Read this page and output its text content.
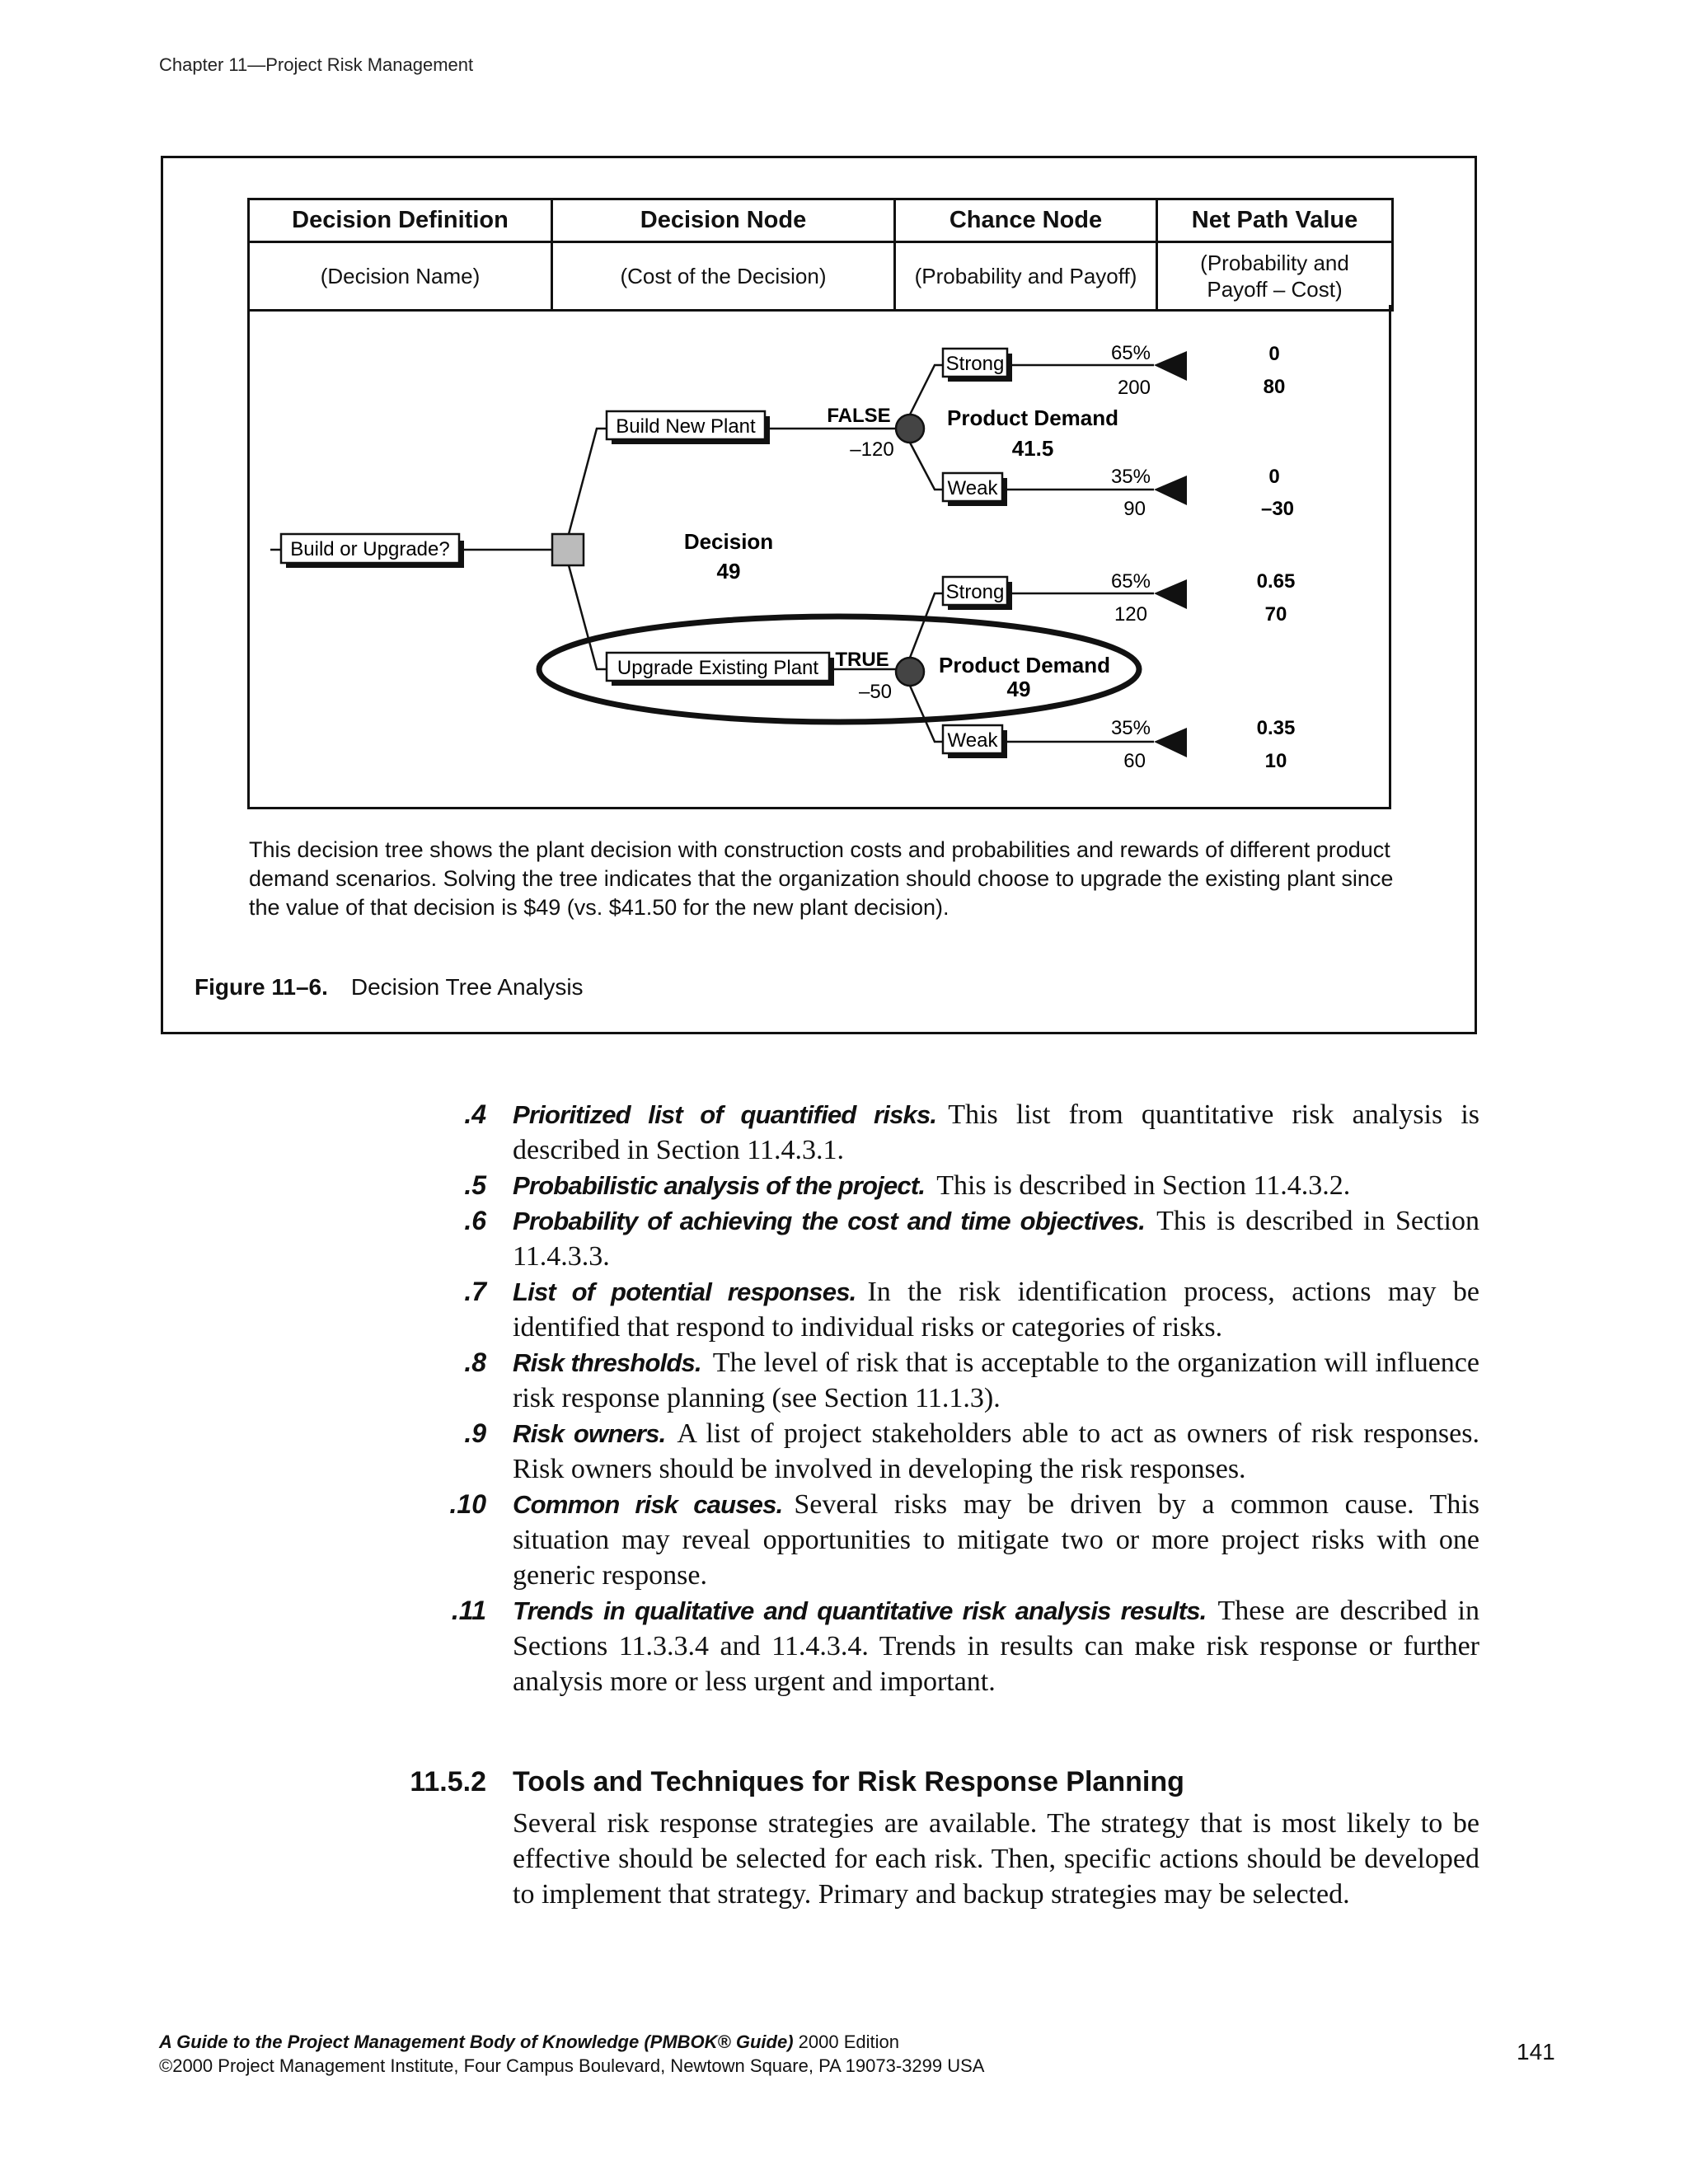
Chapter 11—Project Risk Management
Decision Definition	Decision Node	Chance Node	Net Path Value
(Decision Name)	(Cost of the Decision)	(Probability and Payoff)	(Probability and
Payoff – Cost)
Build or Upgrade?	Decision
49
Build New Plant	FALSE
–120
Product Demand
41.5
Strong	65%
200
0
80
Weak
35%
90
0
–30
Upgrade Existing Plant TRUE
–50
Product Demand
49
Strong	65%
120
0.65
70
Weak
35%
60
0.35
10
This decision tree shows the plant decision with construction costs and probabilities and rewards of different product demand scenarios. Solving the tree indicates that the organization should choose to upgrade the existing plant since the value of that decision is $49 (vs. $41.50 for the new plant decision).
Figure 11–6. Decision Tree Analysis
.4 Prioritized list of quantified risks. This list from quantitative risk analysis is described in Section 11.4.3.1.
.5 Probabilistic analysis of the project. This is described in Section 11.4.3.2.
.6 Probability of achieving the cost and time objectives. This is described in Section 11.4.3.3.
.7 List of potential responses. In the risk identification process, actions may be identified that respond to individual risks or categories of risks.
.8 Risk thresholds. The level of risk that is acceptable to the organization will influence risk response planning (see Section 11.1.3).
.9 Risk owners. A list of project stakeholders able to act as owners of risk responses. Risk owners should be involved in developing the risk responses.
.10 Common risk causes. Several risks may be driven by a common cause. This situation may reveal opportunities to mitigate two or more project risks with one generic response.
.11 Trends in qualitative and quantitative risk analysis results. These are described in Sections 11.3.3.4 and 11.4.3.4. Trends in results can make risk response or further analysis more or less urgent and important.
11.5.2 Tools and Techniques for Risk Response Planning
Several risk response strategies are available. The strategy that is most likely to be effective should be selected for each risk. Then, specific actions should be developed to implement that strategy. Primary and backup strategies may be selected.
A Guide to the Project Management Body of Knowledge (PMBOK® Guide) 2000 Edition
©2000 Project Management Institute, Four Campus Boulevard, Newtown Square, PA 19073-3299 USA
141
